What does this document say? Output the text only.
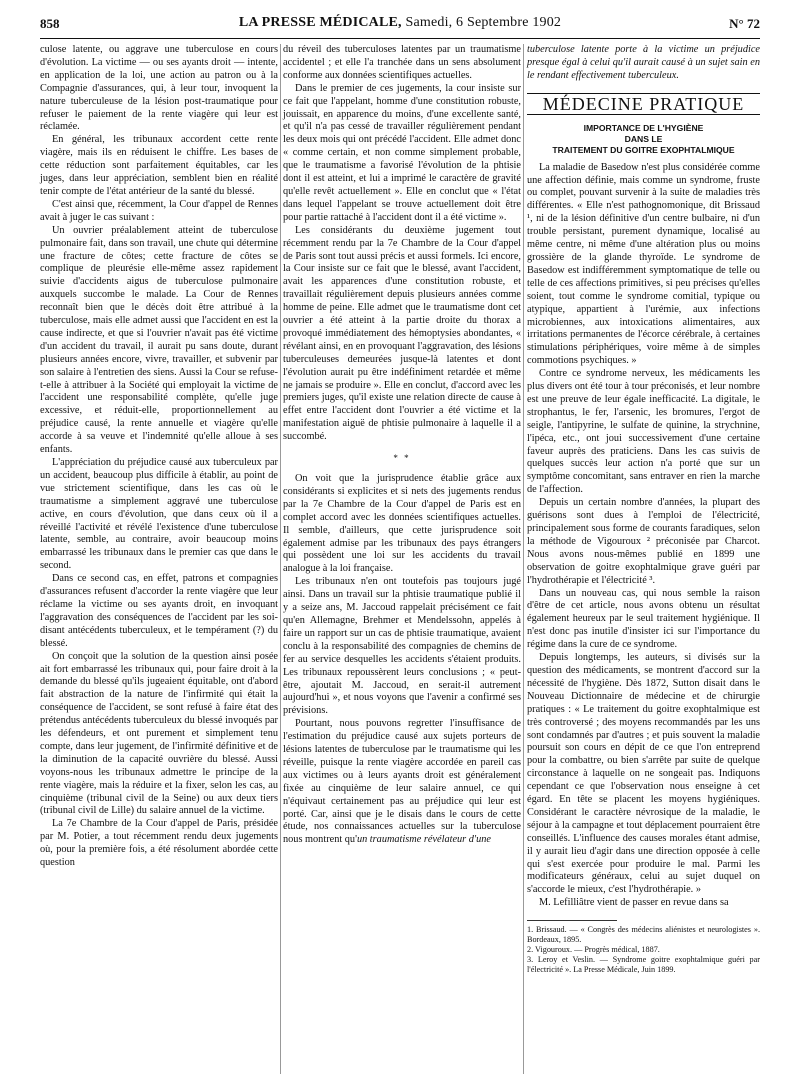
858	LA PRESSE MÉDICALE, Samedi, 6 Septembre 1902	N° 72

culose latente, ou aggrave une tuberculose en cours d'évolution. La victime — ou ses ayants droit — intente, en application de la loi, une action au patron ou à la Compagnie d'assurances, qui, à leur tour, invoquent la nature tuberculeuse de la lésion post-traumatique pour refuser le paiement de la rente viagère qui leur est réclamée.

En général, les tribunaux accordent cette rente viagère, mais ils en réduisent le chiffre. Les bases de cette réduction sont parfaitement équitables, car les juges, dans leur appréciation, semblent bien en réalité tenir compte de l'état antérieur de la santé du blessé.

C'est ainsi que, récemment, la Cour d'appel de Rennes avait à juger le cas suivant :

Un ouvrier préalablement atteint de tuberculose pulmonaire fait, dans son travail, une chute qui détermine une fracture de côtes; cette fracture de côtes se complique de pleurésie elle-même assez rapidement suivie d'accidents aigus de tuberculose pulmonaire auxquels succombe le malade. La Cour de Rennes reconnaît bien que le décès doit être attribué à la tuberculose, mais elle admet aussi que l'accident en est la cause indirecte, et que si l'ouvrier n'avait pas été victime d'un accident du travail, il aurait pu sans doute, durant plusieurs années encore, vivre, travailler, et subvenir par son salaire à l'entretien des siens. Aussi la Cour se refuse-t-elle à attribuer à la Société qui employait la victime de l'accident une responsabilité complète, qu'elle juge excessive, et réduit-elle, proportionnellement au préjudice causé, la rente annuelle et viagère qu'elle accorde à sa veuve et l'indemnité qu'elle alloue à ses enfants.

L'appréciation du préjudice causé aux tuberculeux par un accident, beaucoup plus difficile à établir, au point de vue strictement scientifique, dans les cas où le traumatisme a simplement aggravé une tuberculose active, en cours d'évolution, que dans ceux où il a réveillé l'activité et révélé l'existence d'une tuberculose latente, semble, au contraire, avoir beaucoup moins embarrassé les tribunaux dans le premier cas que dans le second.

Dans ce second cas, en effet, patrons et compagnies d'assurances refusent d'accorder la rente viagère que leur réclame la victime ou ses ayants droit, en invoquant l'aggravation des conséquences de l'accident par les soi-disant antécédents tuberculeux, et le tempérament (?) du blessé.

On conçoit que la solution de la question ainsi posée ait fort embarrassé les tribunaux qui, pour faire droit à la demande du blessé qu'ils jugeaient équitable, ont d'abord fait abstraction de la nature de l'infirmité qui était la conséquence de l'accident, se sont refusé à faire état des prétendus antécédents tuberculeux du blessé invoqués par les défendeurs, et ont purement et simplement tenu compte, dans leur jugement, de l'infirmité définitive et de la diminution de la capacité ouvrière du blessé. Aussi voyons-nous les tribunaux admettre le principe de la rente viagère, mais la réduire et la fixer, selon les cas, au cinquième (tribunal civil de la Seine) ou aux deux tiers (tribunal civil de Lille) du salaire annuel de la victime.

La 7e Chambre de la Cour d'appel de Paris, présidée par M. Potier, a tout récemment rendu deux jugements où, pour la première fois, a été résolument abordée cette question

du réveil des tuberculoses latentes par un traumatisme accidentel ; et elle l'a tranchée dans un sens absolument conforme aux données scientifiques actuelles.

Dans le premier de ces jugements, la cour insiste sur ce fait que l'appelant, homme d'une constitution robuste, jouissait, en apparence du moins, d'une excellente santé, et qu'il n'a pas cessé de travailler régulièrement pendant les deux mois qui ont précédé l'accident. Elle admet donc « comme certain, et non comme simplement probable, que le traumatisme a favorisé l'évolution de la phtisie dont il est atteint, et lui a imprimé le caractère de gravité qu'elle revêt actuellement ». Elle en conclut que « l'état dans lequel l'appelant se trouve actuellement doit être pour partie rattaché à l'accident dont il a été victime ».

Les considérants du deuxième jugement tout récemment rendu par la 7e Chambre de la Cour d'appel de Paris sont tout aussi précis et aussi formels. Ici encore, la Cour insiste sur ce fait que le blessé, avant l'accident, avait les apparences d'une constitution robuste, et travaillait régulièrement depuis plusieurs années comme homme de peine. Elle admet que le traumatisme dont cet ouvrier a été atteint à la partie droite du thorax a provoqué immédiatement des hémoptysies abondantes, « révélant ainsi, en en provoquant l'aggravation, des lésions tuberculeuses demeurées jusque-là latentes et dont l'évolution aurait pu être indéfiniment retardée et même ne jamais se produire ». Elle en conclut, d'accord avec les premiers juges, qu'il existe une relation directe de cause à effet entre l'accident dont l'ouvrier a été victime et la manifestation aiguë de phtisie pulmonaire à laquelle il a succombé.

* *

On voit que la jurisprudence établie grâce aux considérants si explicites et si nets des jugements rendus par la 7e Chambre de la Cour d'appel de Paris est en complet accord avec les données scientifiques actuelles. Il semble, d'ailleurs, que cette jurisprudence soit également admise par les tribunaux des pays étrangers qui possèdent une loi sur les accidents du travail analogue à la loi française.

Les tribunaux n'en ont toutefois pas toujours jugé ainsi. Dans un travail sur la phtisie traumatique publié il y a seize ans, M. Jaccoud rappelait précisément ce fait qu'en Allemagne, Brehmer et Mendelssohn, appelés à faire un rapport sur un cas de phtisie traumatique, avaient conclu à la responsabilité des compagnies de chemins de fer au service desquelles les accidents s'étaient produits. Les tribunaux repoussèrent leurs conclusions ; « peut-être, ajoutait M. Jaccoud, en serait-il autrement aujourd'hui », et nous voyons que l'avenir a confirmé ses prévisions.

Pourtant, nous pouvons regretter l'insuffisance de l'estimation du préjudice causé aux sujets porteurs de lésions latentes de tuberculose par le traumatisme qui les réveille, puisque la rente viagère accordée en pareil cas aux victimes ou à leurs ayants droit est généralement fixée au cinquième de leur salaire annuel, ce qui n'équivaut certainement pas au préjudice qui leur est porté. Car, ainsi que je le disais dans le cours de cette étude, nos connaissances actuelles sur la tuberculose nous montrent qu'un traumatisme révélateur d'une

tuberculose latente porte à la victime un préjudice presque égal à celui qu'il aurait causé à un sujet sain en le rendant effectivement tuberculeux.

MÉDECINE PRATIQUE
IMPORTANCE DE L'HYGIÈNE
DANS LE
TRAITEMENT DU GOITRE EXOPHTALMIQUE

La maladie de Basedow n'est plus considérée comme une affection définie, mais comme un syndrome, fruste ou complet, pouvant survenir à la suite de maladies très différentes. « Elle n'est pathognomonique, dit Brissaud ¹, ni de la lésion définitive d'un centre bulbaire, ni d'un trouble persistant, purement dynamique, localisé au même centre, ni même d'une altération plus ou moins grossière de la glande thyroïde. Le syndrome de Basedow est indifféremment symptomatique de telle ou telle de ces affections primitives, si peu précises qu'elles soient, tout comme le syndrome comitial, typique ou atypique, appartient à l'urémie, aux infections microbiennes, aux intoxications alimentaires, aux irritations permanentes de l'écorce cérébrale, à certaines stimulations périphériques, voire même à de simples commotions psychiques. »

Contre ce syndrome nerveux, les médicaments les plus divers ont été tour à tour préconisés, et leur nombre est une preuve de leur égale inefficacité. La digitale, le strophantus, le fer, l'arsenic, les bromures, l'ergot de seigle, l'antipyrine, le sulfate de quinine, la strychnine, l'ipéca, etc., ont joui successivement d'une certaine faveur auprès des praticiens. Dans les cas suivis de quelques succès leur action n'a porté que sur un symptôme concomitant, sans entraver en rien la marche de l'affection.

Depuis un certain nombre d'années, la plupart des guérisons sont dues à l'emploi de l'électricité, principalement sous forme de courants faradiques, selon la méthode de Vigouroux ² préconisée par Charcot. Nous avons nous-mêmes publié en 1899 une observation de goitre exophtalmique grave guéri par l'hydrothérapie et l'électricité ³.

Dans un nouveau cas, qui nous semble la raison d'être de cet article, nous avons obtenu un résultat également heureux par le seul traitement hygiénique. Il n'est donc pas inutile d'insister ici sur l'importance du régime dans la cure de ce syndrome.

Depuis longtemps, les auteurs, si divisés sur la question des médicaments, se montrent d'accord sur la nécessité de l'hygiène. Dès 1872, Sutton disait dans le Nouveau Dictionnaire de médecine et de chirurgie pratiques : « Le traitement du goitre exophtalmique est très controversé ; des moyens recommandés par les uns sont condamnés par d'autres ; et puis souvent la maladie poursuit son cours en dépit de ce que l'on entreprend pour la combattre, ou bien s'arrête par suite de quelque circonstance à laquelle on ne songeait pas. Indiquons cependant ce que l'observation nous enseigne à cet égard. En tête se placent les moyens hygiéniques. Considérant le caractère névrosique de la maladie, le séjour à la campagne et tout déplacement pourraient être conseillés. L'influence des causes morales étant admise, il y aurait lieu d'agir dans une direction opposée à celle qui s'est exercée pour produire le mal. Parmi les modificateurs généraux, celui au sujet duquel on s'accorde le mieux, c'est l'hydrothérapie. »

M. Lefilliâtre vient de passer en revue dans sa

1. Brissaud. — « Congrès des médecins aliénistes et neurologistes ». Bordeaux, 1895.

2. Vigouroux. — Progrès médical, 1887.

3. Leroy et Veslin. — Syndrome goitre exophtalmique guéri par l'électricité ». La Presse Médicale, Juin 1899.
